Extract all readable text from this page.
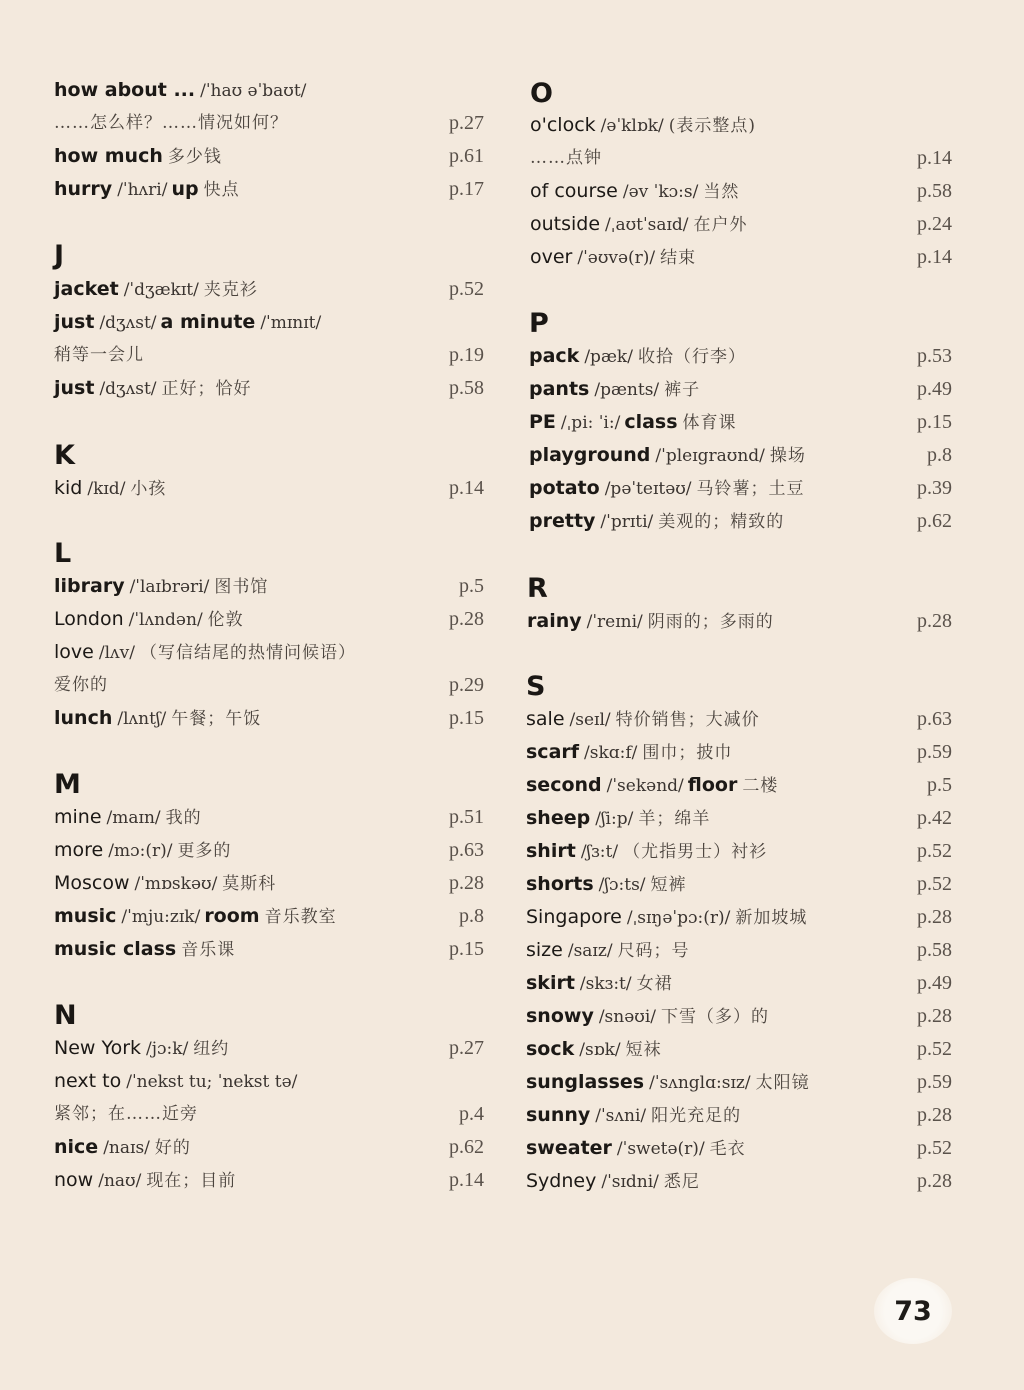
how about ... /ˈhaʊ əˈbaʊt/
……怎么样？……情况如何？	p.27
how much 多少钱	p.61
hurry /ˈhʌri/ up 快点	p.17
J
jacket /ˈdʒækɪt/ 夹克衫	p.52
just /dʒʌst/ a minute /ˈmɪnɪt/
稍等一会儿	p.19
just /dʒʌst/ 正好；恰好	p.58
K
kid /kɪd/ 小孩	p.14
L
library /ˈlaɪbrəri/ 图书馆	p.5
London /ˈlʌndən/ 伦敦	p.28
love /lʌv/ （写信结尾的热情问候语）
爱你的	p.29
lunch /lʌntʃ/ 午餐；午饭	p.15
M
mine /maɪn/ 我的	p.51
more /mɔ:(r)/ 更多的	p.63
Moscow /ˈmɒskəʊ/ 莫斯科	p.28
music /ˈmju:zɪk/ room 音乐教室	p.8
music class 音乐课	p.15
N
New York /jɔ:k/ 纽约	p.27
next to /ˈnekst tu; ˈnekst tə/
紧邻；在……近旁	p.4
nice /naɪs/ 好的	p.62
now /naʊ/ 现在；目前	p.14
O
o'clock /əˈklɒk/ (表示整点)
……点钟	p.14
of course /əv ˈkɔ:s/ 当然	p.58
outside /ˌaʊtˈsaɪd/ 在户外	p.24
over /ˈəʊvə(r)/ 结束	p.14
P
pack /pæk/ 收拾（行李）	p.53
pants /pænts/ 裤子	p.49
PE /ˌpi: ˈi:/ class 体育课	p.15
playground /ˈpleɪgraʊnd/ 操场	p.8
potato /pəˈteɪtəʊ/ 马铃薯；土豆	p.39
pretty /ˈprɪti/ 美观的；精致的	p.62
R
rainy /ˈreɪni/ 阴雨的；多雨的	p.28
S
sale /seɪl/ 特价销售；大减价	p.63
scarf /skɑ:f/ 围巾；披巾	p.59
second /ˈsekənd/ floor 二楼	p.5
sheep /ʃi:p/ 羊；绵羊	p.42
shirt /ʃɜ:t/ （尤指男士）衬衫	p.52
shorts /ʃɔ:ts/ 短裤	p.52
Singapore /ˌsɪŋəˈpɔ:(r)/ 新加坡城	p.28
size /saɪz/ 尺码；号	p.58
skirt /skɜ:t/ 女裙	p.49
snowy /snəʊi/ 下雪（多）的	p.28
sock /sɒk/ 短袜	p.52
sunglasses /ˈsʌnglɑ:sɪz/ 太阳镜	p.59
sunny /ˈsʌni/ 阳光充足的	p.28
sweater /ˈswetə(r)/ 毛衣	p.52
Sydney /ˈsɪdni/ 悉尼	p.28
73
